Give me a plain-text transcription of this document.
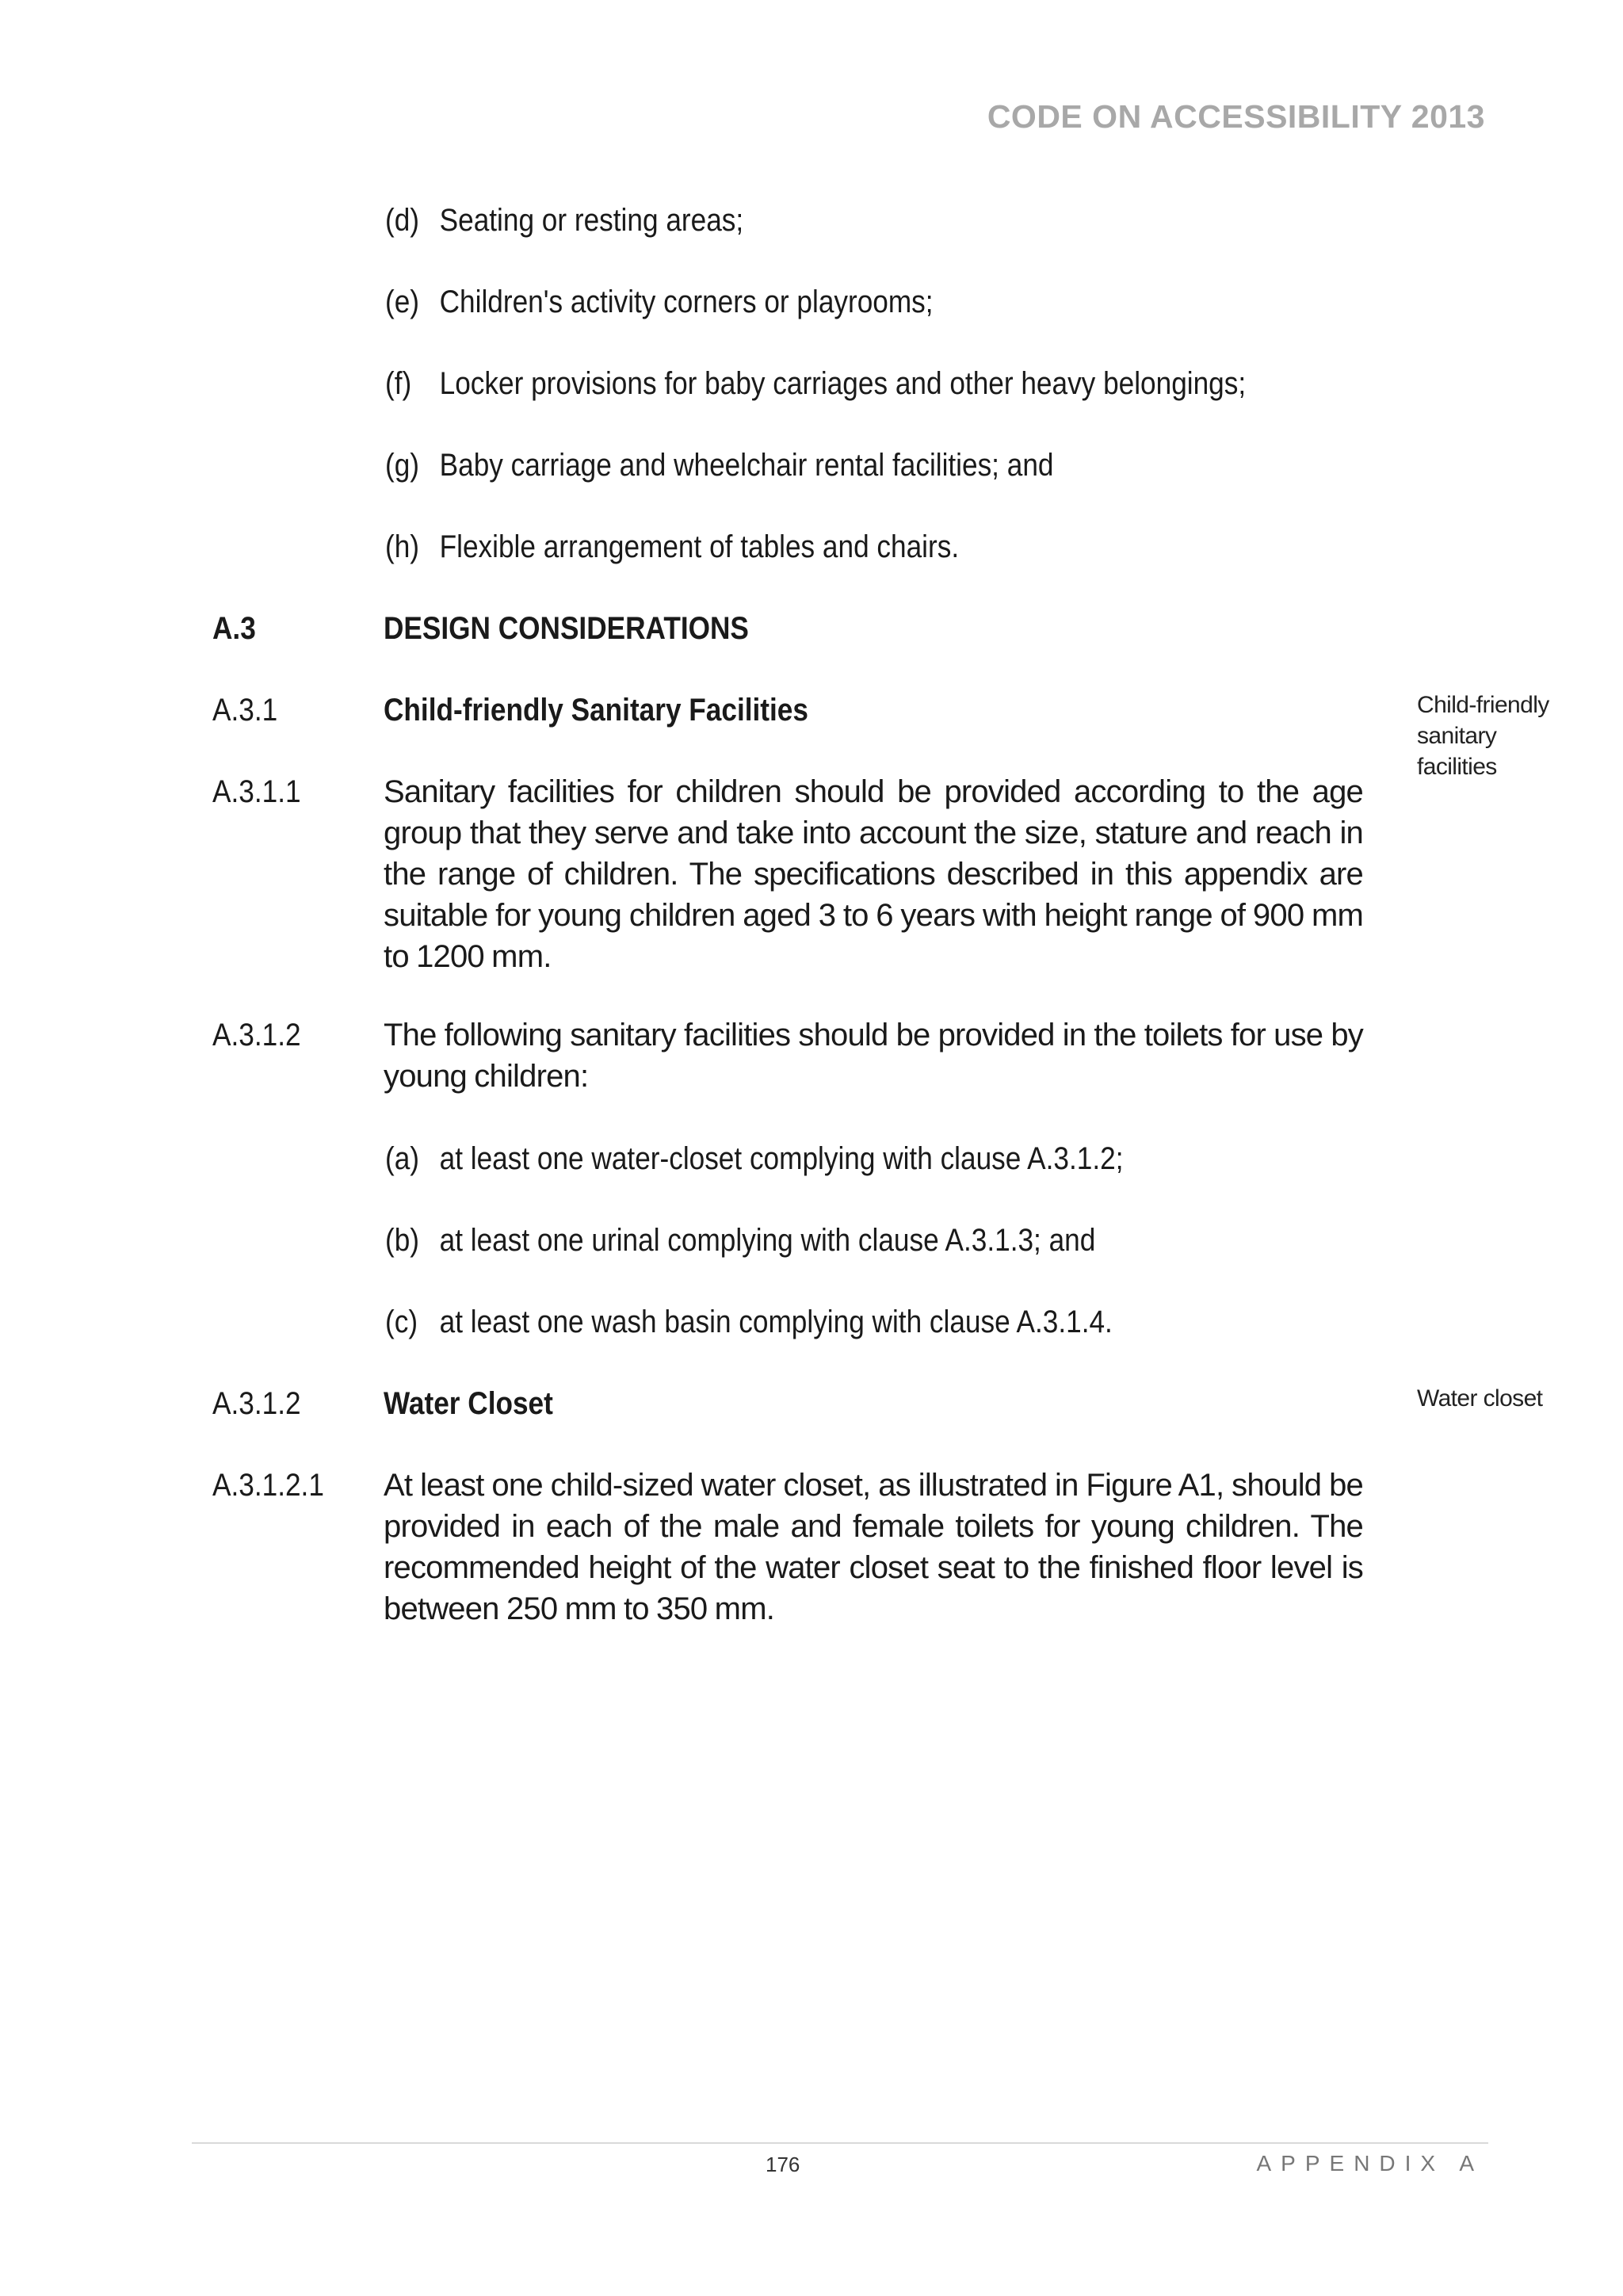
CODE ON ACCESSIBILITY 2013
(d) Seating or resting areas;
(e) Children's activity corners or playrooms;
(f) Locker provisions for baby carriages and other heavy belongings;
(g) Baby carriage and wheelchair rental facilities; and
(h) Flexible arrangement of tables and chairs.
A.3	DESIGN CONSIDERATIONS
A.3.1	Child-friendly Sanitary Facilities	Child-friendly
sanitary
facilities
A.3.1.1	Sanitary facilities for children should be provided according to the age
group that they serve and take into account the size, stature and reach in
the range of children. The specifications described in this appendix are
suitable for young children aged 3 to 6 years with height range of 900 mm
to 1200 mm.
A.3.1.2	The following sanitary facilities should be provided in the toilets for use by
young children:
(a) at least one water-closet complying with clause A.3.1.2;
(b) at least one urinal complying with clause A.3.1.3; and
(c) at least one wash basin complying with clause A.3.1.4.
A.3.1.2	Water Closet	Water closet
A.3.1.2.1 At least one child-sized water closet, as illustrated in Figure A1, should be
provided in each of the male and female toilets for young children. The
recommended height of the water closet seat to the finished floor level is
between 250 mm to 350 mm.
176	APPENDIX A
